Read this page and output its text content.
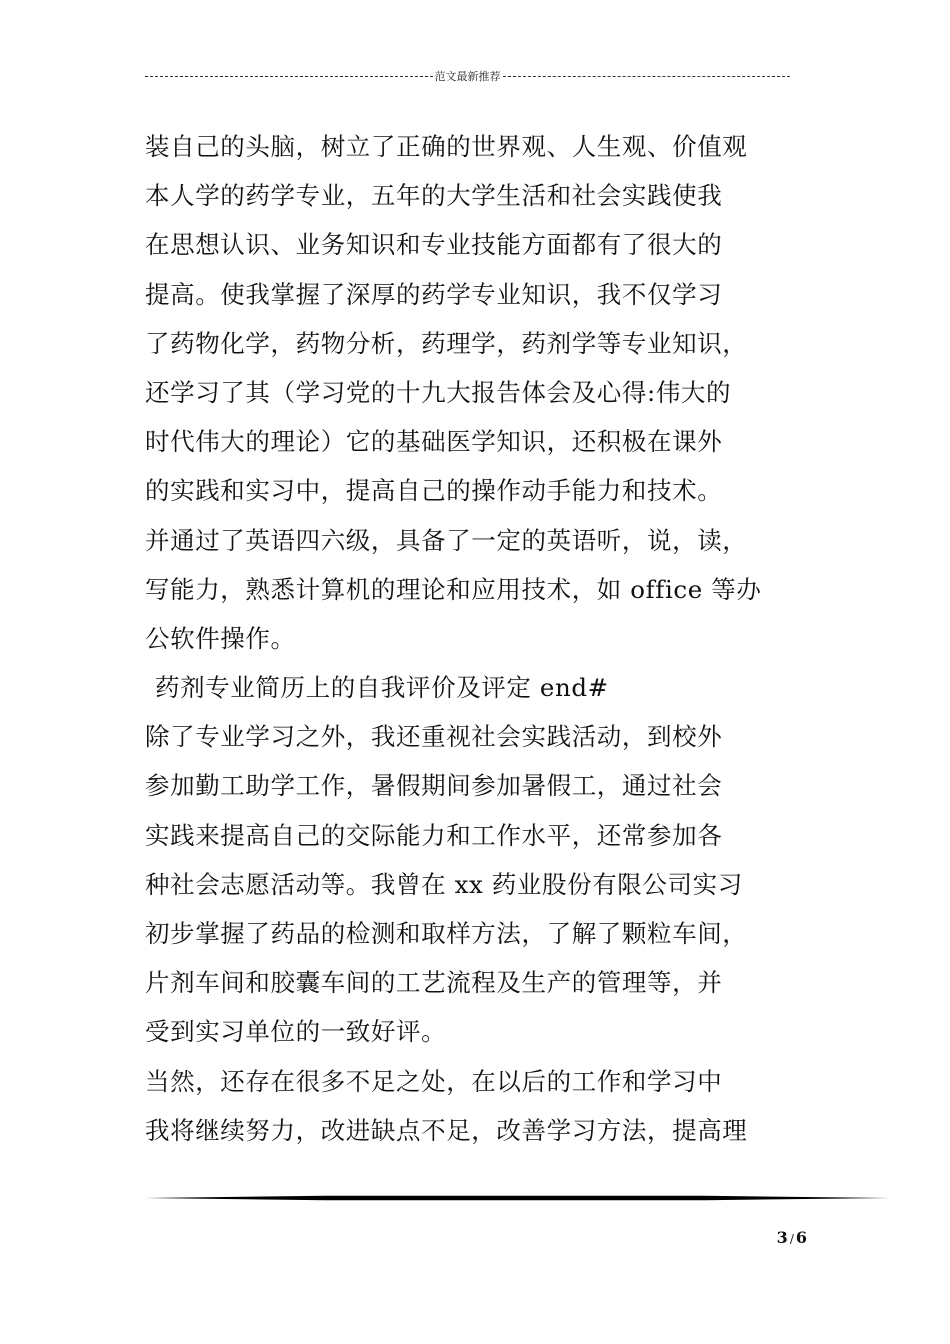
范文最新推荐
装自己的头脑，树立了正确的世界观、人生观、价值观
本人学的药学专业，五年的大学生活和社会实践使我
在思想认识、业务知识和专业技能方面都有了很大的
提高。使我掌握了深厚的药学专业知识，我不仅学习
了药物化学，药物分析，药理学，药剂学等专业知识，
还学习了其（学习党的十九大报告体会及心得:伟大的
时代伟大的理论）它的基础医学知识，还积极在课外
的实践和实习中，提高自己的操作动手能力和技术。
并通过了英语四六级，具备了一定的英语听，说，读，
写能力，熟悉计算机的理论和应用技术，如 office 等办
公软件操作。
药剂专业简历上的自我评价及评定 end#
除了专业学习之外，我还重视社会实践活动，到校外
参加勤工助学工作，暑假期间参加暑假工，通过社会
实践来提高自己的交际能力和工作水平，还常参加各
种社会志愿活动等。我曾在 xx 药业股份有限公司实习
初步掌握了药品的检测和取样方法，了解了颗粒车间，
片剂车间和胶囊车间的工艺流程及生产的管理等，并
受到实习单位的一致好评。
当然，还存在很多不足之处，在以后的工作和学习中
我将继续努力，改进缺点不足，改善学习方法，提高理
3 / 6
